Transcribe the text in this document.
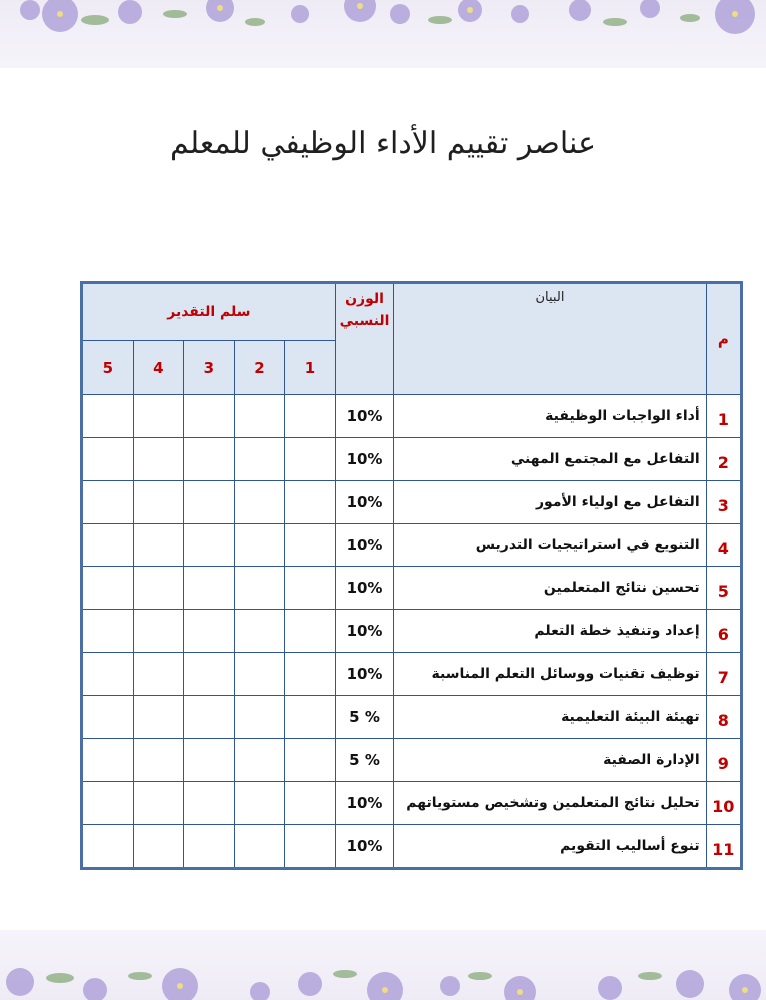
عناصر تقييم الأداء الوظيفي للمعلم
م	البيان	الوزن النسبي	سلم التقدير				
			1	2	3	4	5
1	أداء الواجبات الوظيفية	10%					
2	التفاعل مع المجتمع المهني	10%					
3	التفاعل مع اولياء الأمور	10%					
4	التنويع في استراتيجيات التدريس	10%					
5	تحسين نتائج المتعلمين	10%					
6	إعداد وتنفيذ خطة التعلم	10%					
7	توظيف تقنيات ووسائل التعلم المناسبة	10%					
8	تهيئة البيئة التعليمية	5 %					
9	الإدارة الصفية	5 %					
10	تحليل نتائج المتعلمين وتشخيص مستوياتهم	10%					
11	تنوع أساليب التقويم	10%					
